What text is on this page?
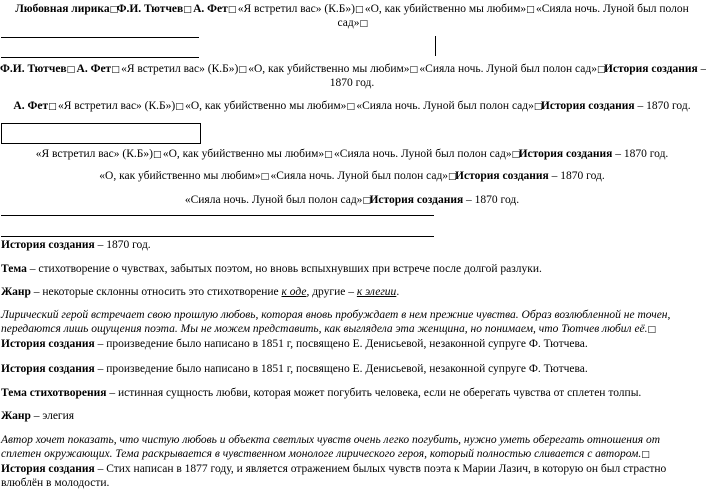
Любовная лирика□Ф.И. Тютчев□ А. Фет□ «Я встретил вас» (К.Б»)□ «О, как убийственно мы любим»□ «Сияла ночь. Луной был полон
сад»□
Ф.И. Тютчев□ А. Фет□ «Я встретил вас» (К.Б»)□ «О, как убийственно мы любим»□ «Сияла ночь. Луной был полон сад»□История создания –
1870 год.
А. Фет□ «Я встретил вас» (К.Б»)□ «О, как убийственно мы любим»□ «Сияла ночь. Луной был полон сад»□История создания – 1870 год.
«Я встретил вас» (К.Б»)□ «О, как убийственно мы любим»□ «Сияла ночь. Луной был полон сад»□История создания – 1870 год.
«О, как убийственно мы любим»□ «Сияла ночь. Луной был полон сад»□История создания – 1870 год.
«Сияла ночь. Луной был полон сад»□История создания – 1870 год.
История создания – 1870 год.
Тема – стихотворение о чувствах, забытых поэтом, но вновь вспыхнувших при встрече после долгой разлуки.
Жанр – некоторые склонны относить это стихотворение к оде, другие – к элегии.
Лирический герой встречает свою прошлую любовь, которая вновь пробуждает в нем прежние чувства. Образ возлюбленной не точен, передаются лишь ощущения поэта. Мы не можем представить, как выглядела эта женщина, но понимаем, что Тютчев любил её.□История создания – произведение было написано в 1851 г, посвящено Е. Денисьевой, незаконной супруге Ф. Тютчева.
История создания – произведение было написано в 1851 г, посвящено Е. Денисьевой, незаконной супруге Ф. Тютчева.
Тема стихотворения – истинная сущность любви, которая может погубить человека, если не оберегать чувства от сплетен толпы.
Жанр – элегия
Автор хочет показать, что чистую любовь и объекта светлых чувств очень легко погубить, нужно уметь оберегать отношения от сплетен окружающих. Тема раскрывается в чувственном монологе лирического героя, который полностью сливается с автором.□История создания – Стих написан в 1877 году, и является отражением былых чувств поэта к Марии Лазич, в которую он был страстно влюблён в молодости.
